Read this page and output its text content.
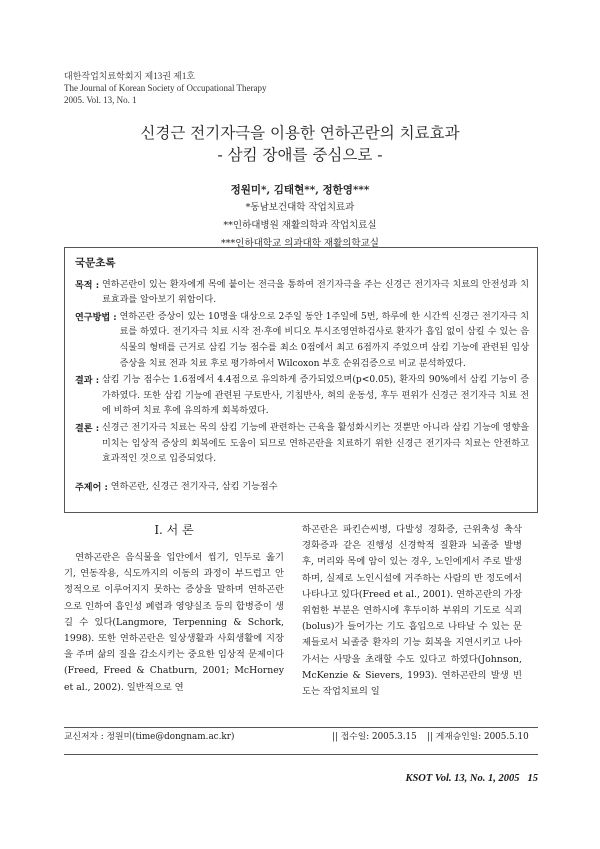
대한작업치료학회지 제13권 제1호
The Journal of Korean Society of Occupational Therapy
2005. Vol. 13, No. 1
신경근 전기자극을 이용한 연하곤란의 치료효과
- 삼킴 장애를 중심으로 -
정원미*, 김태현**, 정한영***
*동남보건대학 작업치료과
**인하대병원 재활의학과 작업치료실
***인하대학교 의과대학 재활의학교실
국문초록
목적 :
연하곤란이 있는 환자에게 목에 붙이는 전극을 통하여 전기자극을 주는 신경근 전기자극 치료의 안전성과 치료효과를 알아보기 위함이다.
연구방법 :
연하곤란 증상이 있는 10명을 대상으로 2주일 동안 1주일에 5번, 하루에 한 시간씩 신경근 전기자극 치료를 하였다. 전기자극 치료 시작 전·후에 비디오 투시조영연하검사로 환자가 흡입 없이 삼킬 수 있는 음식물의 형태를 근거로 삼킴 기능 점수를 최소 0점에서 최고 6점까지 주었으며 삼킴 기능에 관련된 임상증상을 치료 전과 치료 후로 평가하여서 Wilcoxon 부호 순위검증으로 비교 분석하였다.
결과 :
삼킴 기능 점수는 1.6점에서 4.4점으로 유의하게 증가되었으며(p<0.05), 환자의 90%에서 삼킴 기능이 증가하였다. 또한 삼킴 기능에 관련된 구토반사, 기침반사, 혀의 운동성, 후두 편위가 신경근 전기자극 치료 전에 비하여 치료 후에 유의하게 회복하였다.
결론 :
신경근 전기자극 치료는 목의 삼킴 기능에 관련하는 근육을 활성화시키는 것뿐만 아니라 삼킴 기능에 영향을 미치는 임상적 증상의 회복에도 도움이 되므로 연하곤란을 치료하기 위한 신경근 전기자극 치료는 안전하고 효과적인 것으로 입증되었다.
주제어 :
연하곤란, 신경근 전기자극, 삼킴 기능점수
Ⅰ. 서 론
연하곤란은 음식물을 입안에서 씹기, 인두로 옮기기, 연동작용, 식도까지의 이동의 과정이 부드럽고 안정적으로 이루어지지 못하는 증상을 말하며 연하곤란으로 인하여 흡인성 폐렴과 영양실조 등의 합병증이 생길 수 있다(Langmore, Terpenning & Schork, 1998). 또한 연하곤란은 일상생활과 사회생활에 지장을 주며 삶의 질을 감소시키는 중요한 임상적 문제이다(Freed, Freed & Chatburn, 2001; McHorney et al., 2002). 일반적으로 연
하곤란은 파킨슨씨병, 다발성 경화증, 근위축성 축삭 경화증과 같은 진행성 신경학적 질환과 뇌졸중 발병 후, 머리와 목에 암이 있는 경우, 노인에게서 주로 발생하며, 실제로 노인시설에 거주하는 사람의 반 정도에서 나타나고 있다(Freed et al., 2001). 연하곤란의 가장 위험한 부분은 연하시에 후두이하 부위의 기도로 식괴(bolus)가 들어가는 기도 흡입으로 나타날 수 있는 문제들로서 뇌졸중 환자의 기능 회복을 지연시키고 나아가서는 사망을 초래할 수도 있다고 하였다(Johnson, McKenzie & Sievers, 1993). 연하곤란의 발생 빈도는 작업치료의 일
교신저자 : 정원미(time@dongnam.ac.kr)	|| 접수일: 2005.3.15 || 게재승인일: 2005.5.10
KSOT Vol. 13, No. 1, 2005 15
